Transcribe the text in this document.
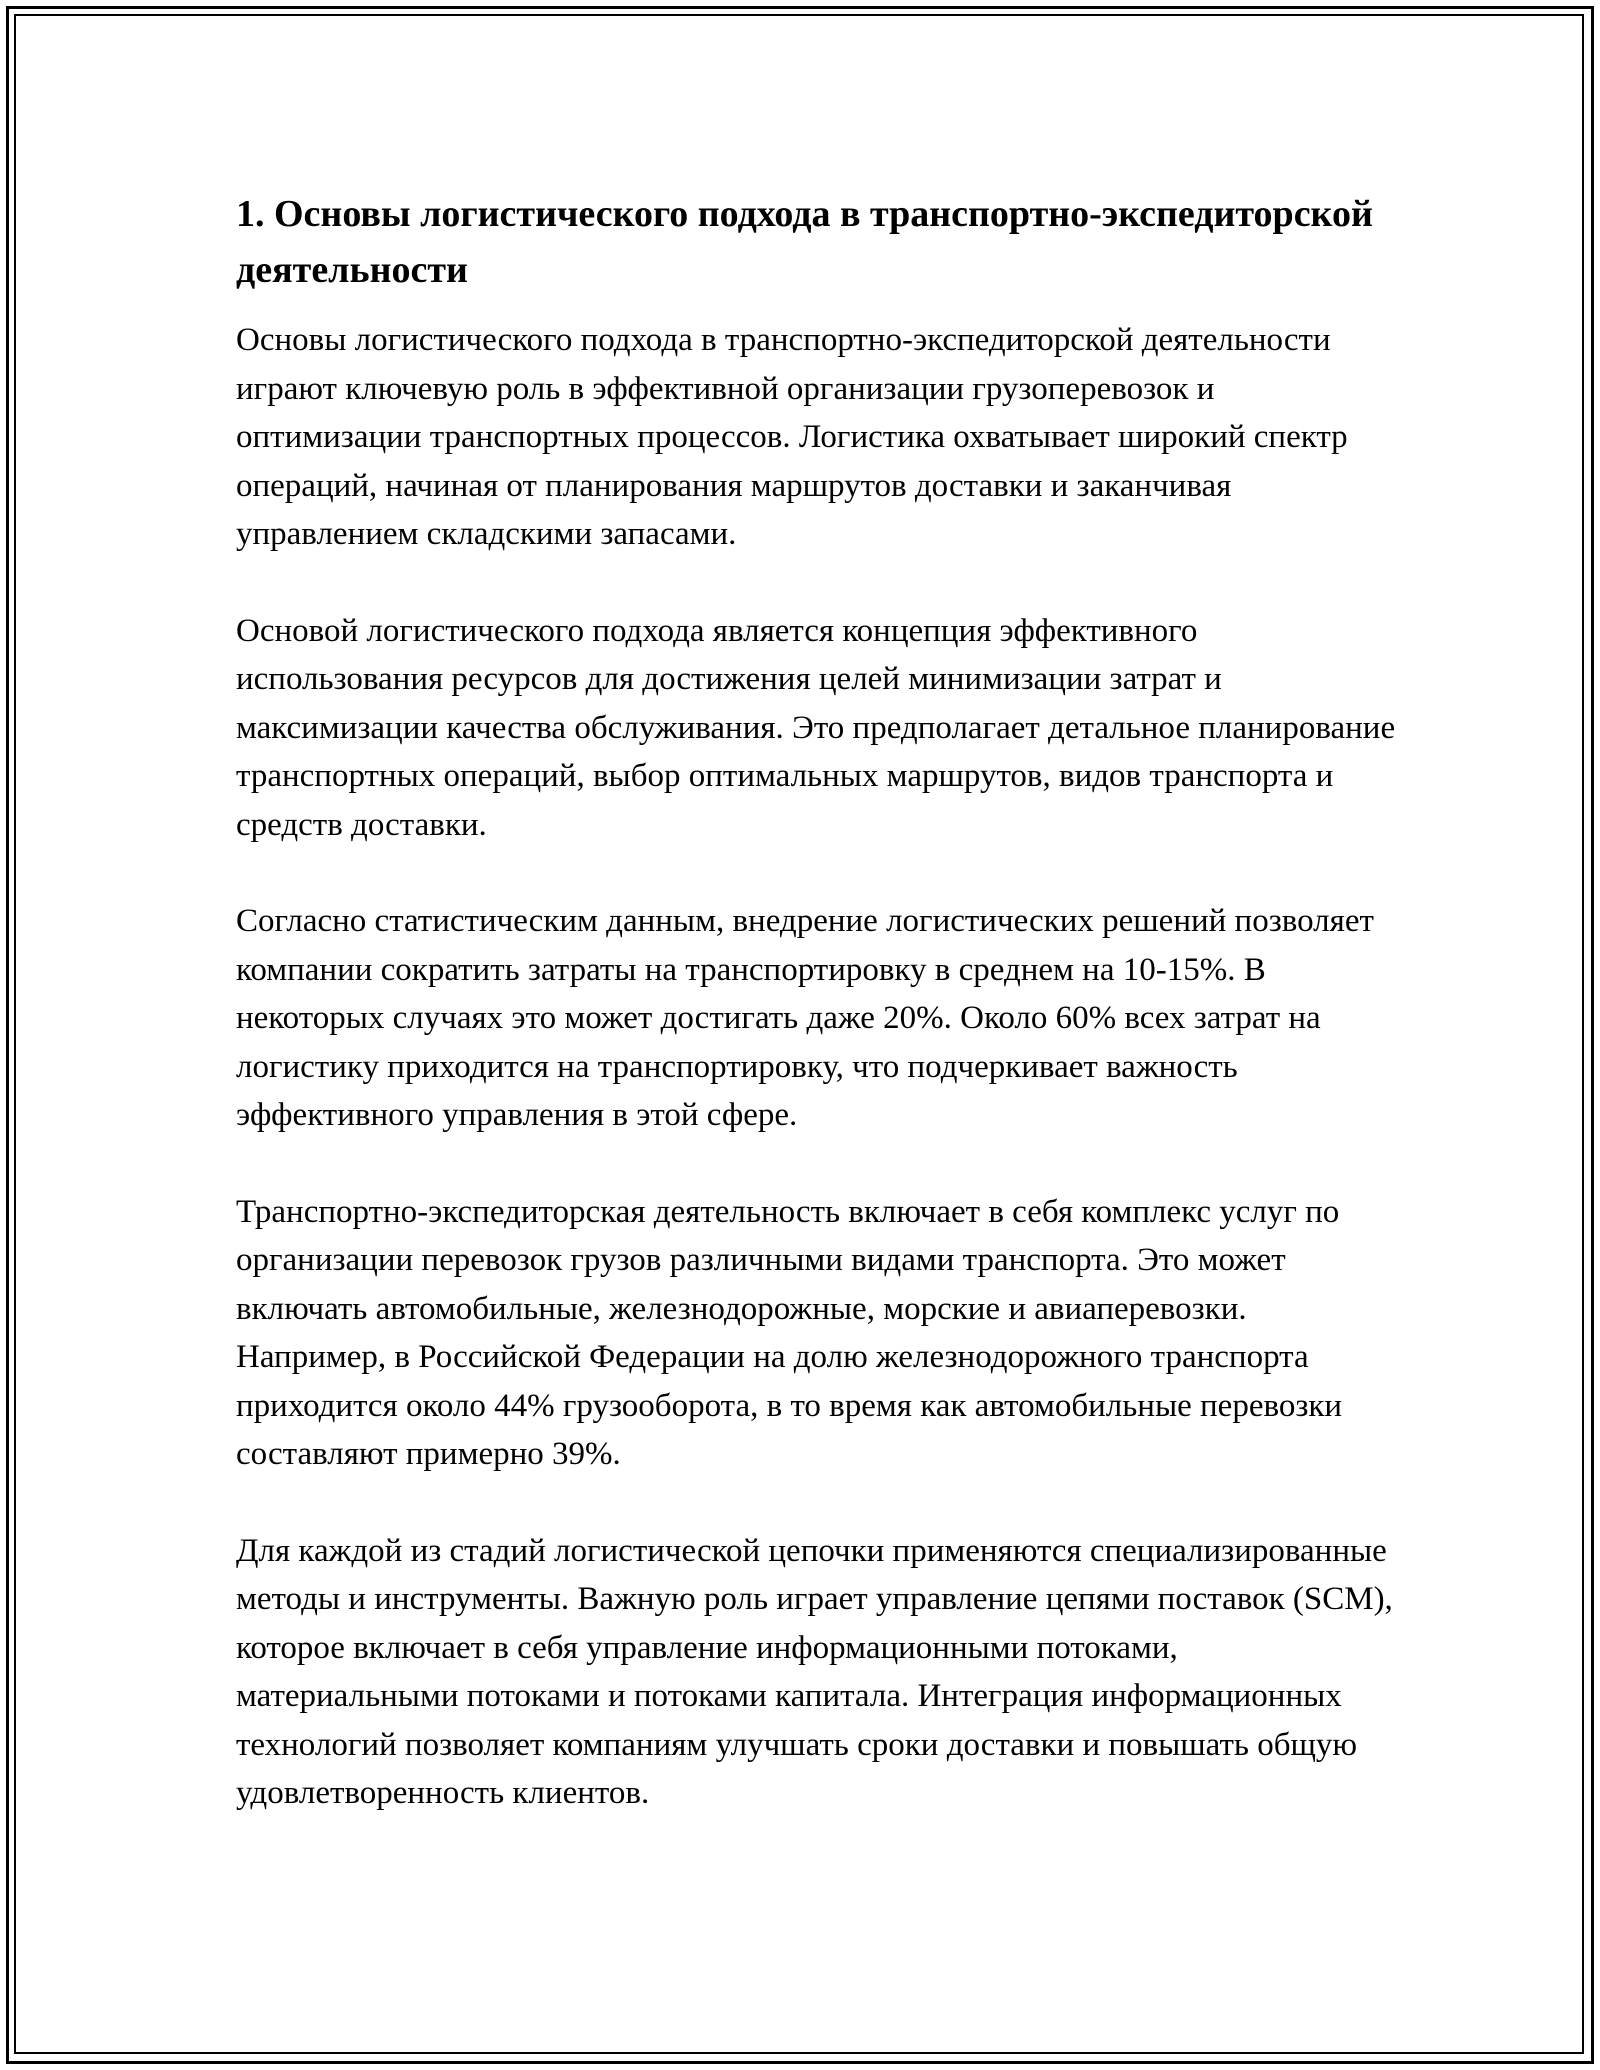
1. Основы логистического подхода в транспортно-экспедиторской деятельности

Основы логистического подхода в транспортно-экспедиторской деятельности играют ключевую роль в эффективной организации грузоперевозок и оптимизации транспортных процессов. Логистика охватывает широкий спектр операций, начиная от планирования маршрутов доставки и заканчивая управлением складскими запасами.

Основой логистического подхода является концепция эффективного использования ресурсов для достижения целей минимизации затрат и максимизации качества обслуживания. Это предполагает детальное планирование транспортных операций, выбор оптимальных маршрутов, видов транспорта и средств доставки.

Согласно статистическим данным, внедрение логистических решений позволяет компании сократить затраты на транспортировку в среднем на 10-15%. В некоторых случаях это может достигать даже 20%. Около 60% всех затрат на логистику приходится на транспортировку, что подчеркивает важность эффективного управления в этой сфере.

Транспортно-экспедиторская деятельность включает в себя комплекс услуг по организации перевозок грузов различными видами транспорта. Это может включать автомобильные, железнодорожные, морские и авиаперевозки. Например, в Российской Федерации на долю железнодорожного транспорта приходится около 44% грузооборота, в то время как автомобильные перевозки составляют примерно 39%.

Для каждой из стадий логистической цепочки применяются специализированные методы и инструменты. Важную роль играет управление цепями поставок (SCM), которое включает в себя управление информационными потоками, материальными потоками и потоками капитала. Интеграция информационных технологий позволяет компаниям улучшать сроки доставки и повышать общую удовлетворенность клиентов.
